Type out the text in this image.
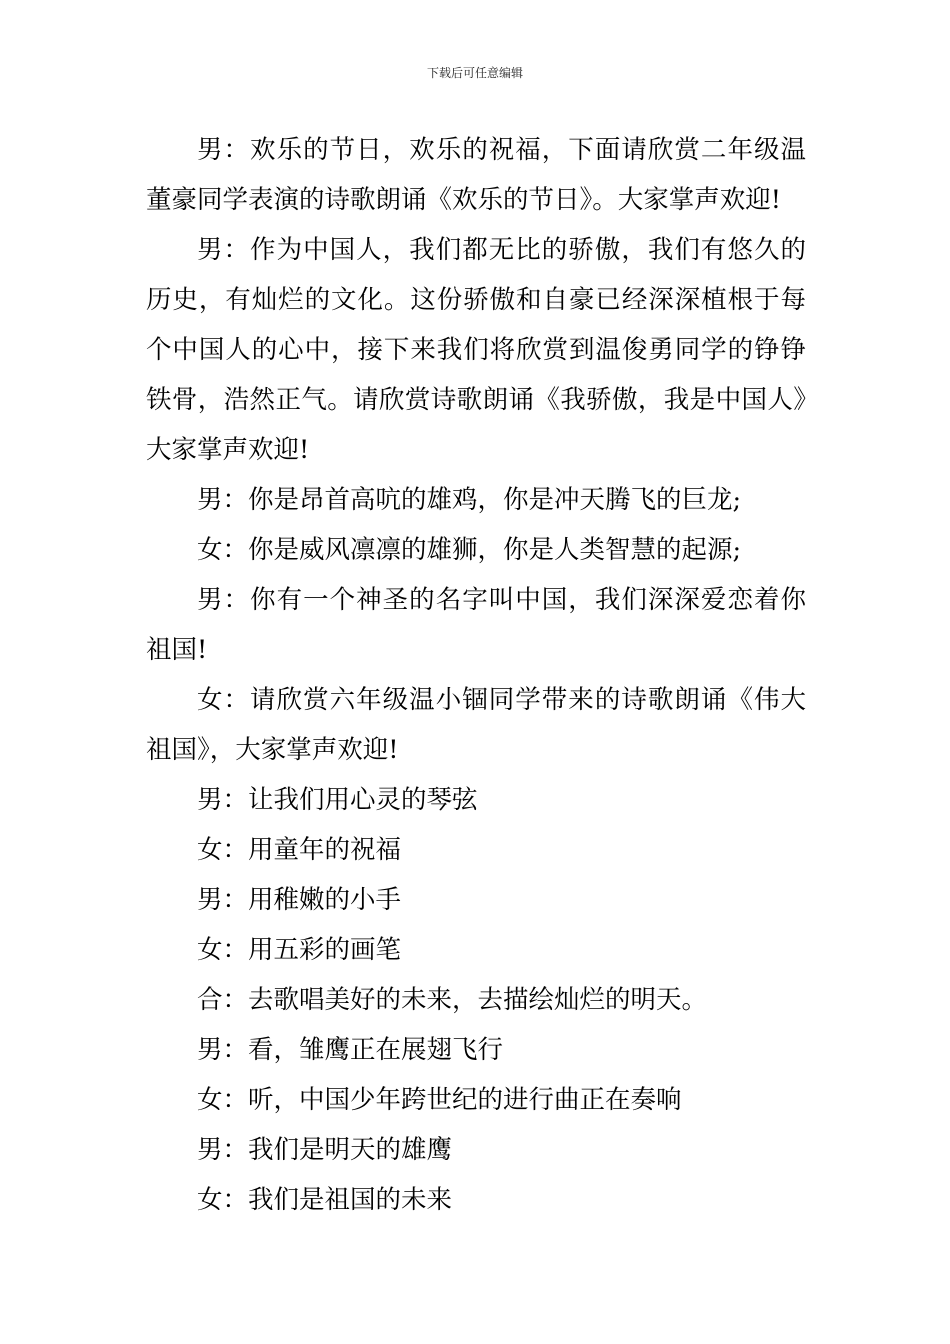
下载后可任意编辑

男：欢乐的节日，欢乐的祝福，下面请欣赏二年级温董豪同学表演的诗歌朗诵《欢乐的节日》。大家掌声欢迎!

男：作为中国人，我们都无比的骄傲，我们有悠久的历史，有灿烂的文化。这份骄傲和自豪已经深深植根于每个中国人的心中，接下来我们将欣赏到温俊勇同学的铮铮铁骨，浩然正气。请欣赏诗歌朗诵《我骄傲，我是中国人》大家掌声欢迎!

男：你是昂首高吭的雄鸡，你是冲天腾飞的巨龙;

女：你是威风凛凛的雄狮，你是人类智慧的起源;

男：你有一个神圣的名字叫中国，我们深深爱恋着你祖国!

女：请欣赏六年级温小锢同学带来的诗歌朗诵《伟大祖国》，大家掌声欢迎!

男：让我们用心灵的琴弦

女：用童年的祝福

男：用稚嫩的小手

女：用五彩的画笔

合：去歌唱美好的未来，去描绘灿烂的明天。

男：看，雏鹰正在展翅飞行

女：听，中国少年跨世纪的进行曲正在奏响

男：我们是明天的雄鹰

女：我们是祖国的未来
